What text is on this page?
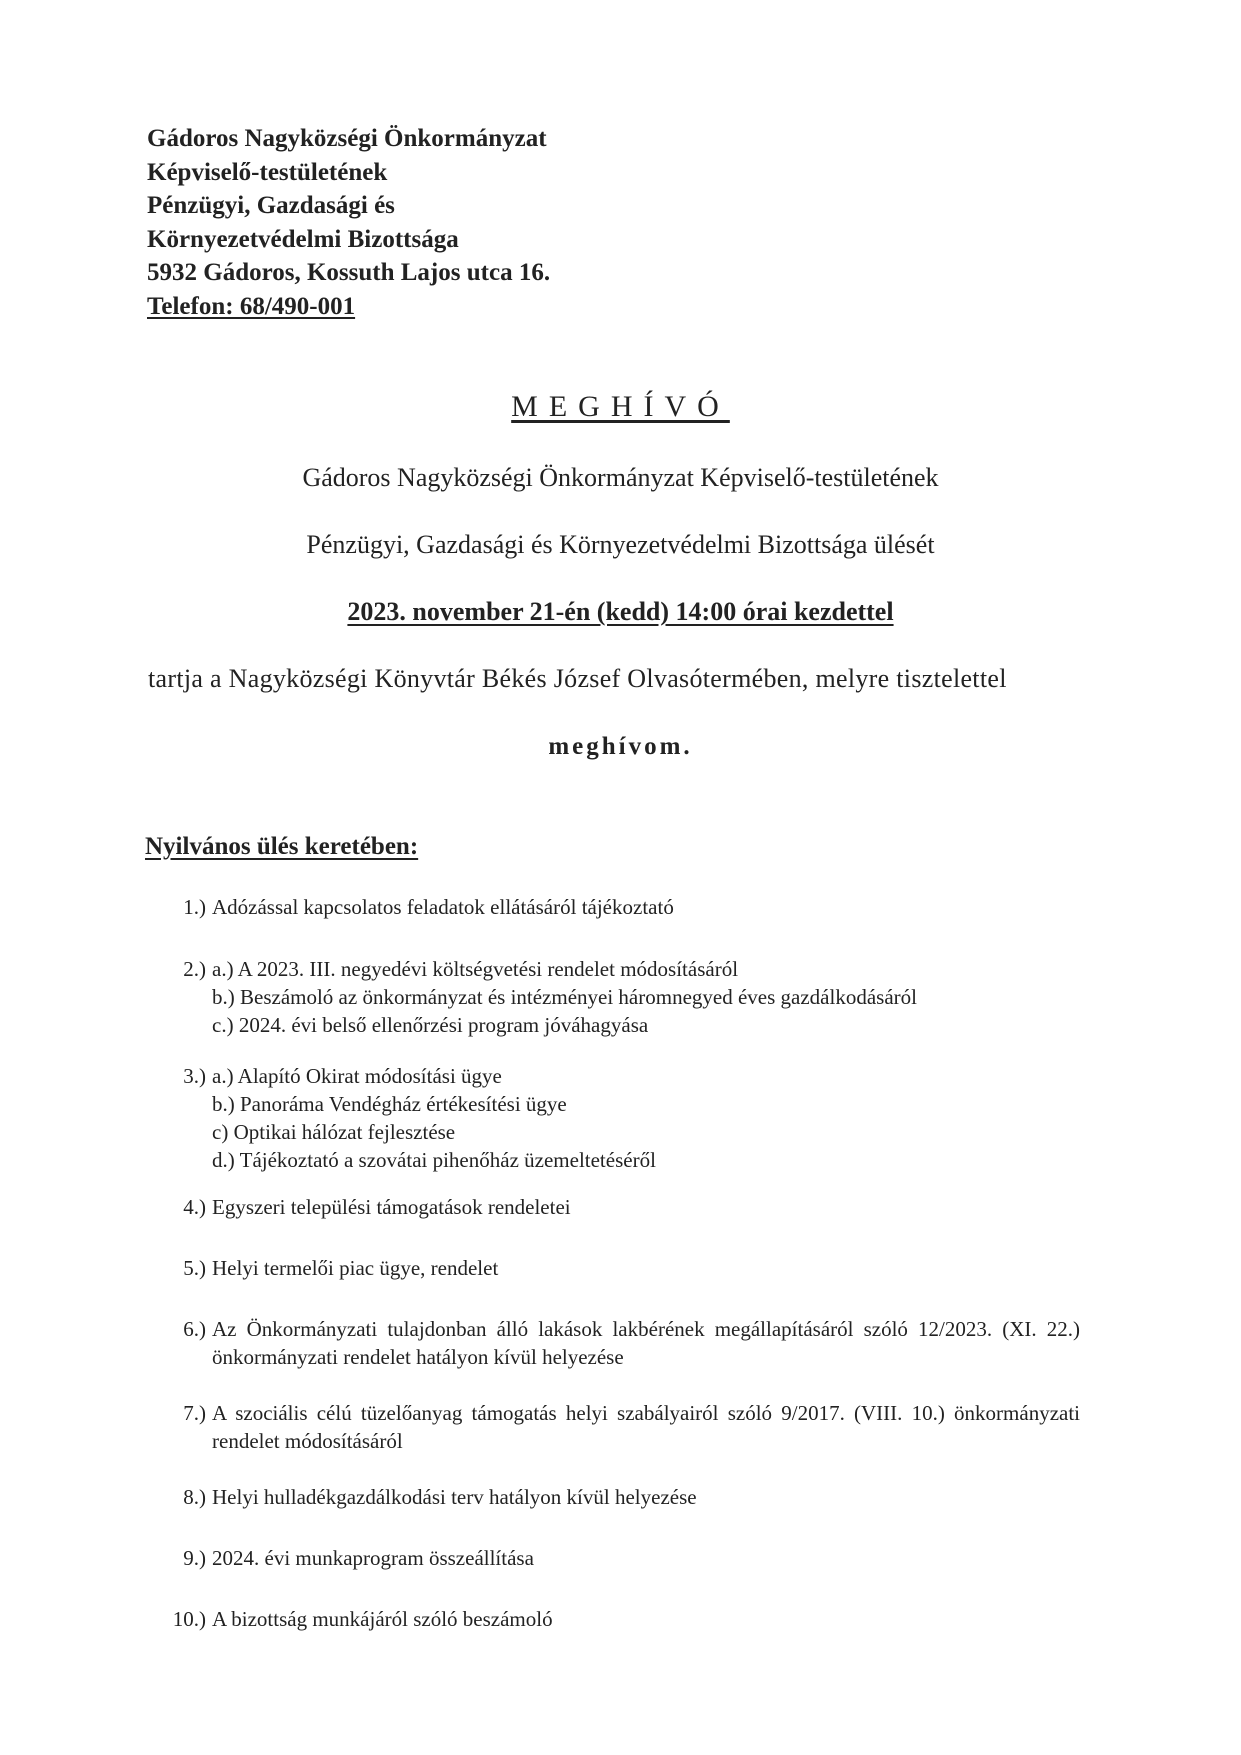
Gádoros Nagyközségi Önkormányzat
Képviselő-testületének
Pénzügyi, Gazdasági és
Környezetvédelmi Bizottsága
5932 Gádoros, Kossuth Lajos utca 16.
Telefon: 68/490-001
MEGHÍVÓ
Gádoros Nagyközségi Önkormányzat Képviselő-testületének
Pénzügyi, Gazdasági és Környezetvédelmi Bizottsága ülését
2023. november 21-én (kedd) 14:00 órai kezdettel
tartja a Nagyközségi Könyvtár Békés József Olvasótermében, melyre tisztelettel
meghívom.
Nyilvános ülés keretében:
1.) Adózással kapcsolatos feladatok ellátásáról tájékoztató
2.) a.) A 2023. III. negyedévi költségvetési rendelet módosításáról
b.) Beszámoló az önkormányzat és intézményei háromnegyed éves gazdálkodásáról
c.) 2024. évi belső ellenőrzési program jóváhagyása
3.) a.) Alapító Okirat módosítási ügye
b.) Panoráma Vendégház értékesítési ügye
c) Optikai hálózat fejlesztése
d.) Tájékoztató a szovátai pihenőház üzemeltetéséről
4.) Egyszeri települési támogatások rendeletei
5.) Helyi termelői piac ügye, rendelet
6.) Az Önkormányzati tulajdonban álló lakások lakbérének megállapításáról szóló 12/2023. (XI. 22.) önkormányzati rendelet hatályon kívül helyezése
7.) A szociális célú tüzelőanyag támogatás helyi szabályairól szóló 9/2017. (VIII. 10.) önkormányzati rendelet módosításáról
8.) Helyi hulladékgazdálkodási terv hatályon kívül helyezése
9.) 2024. évi munkaprogram összeállítása
10.) A bizottság munkájáról szóló beszámoló
